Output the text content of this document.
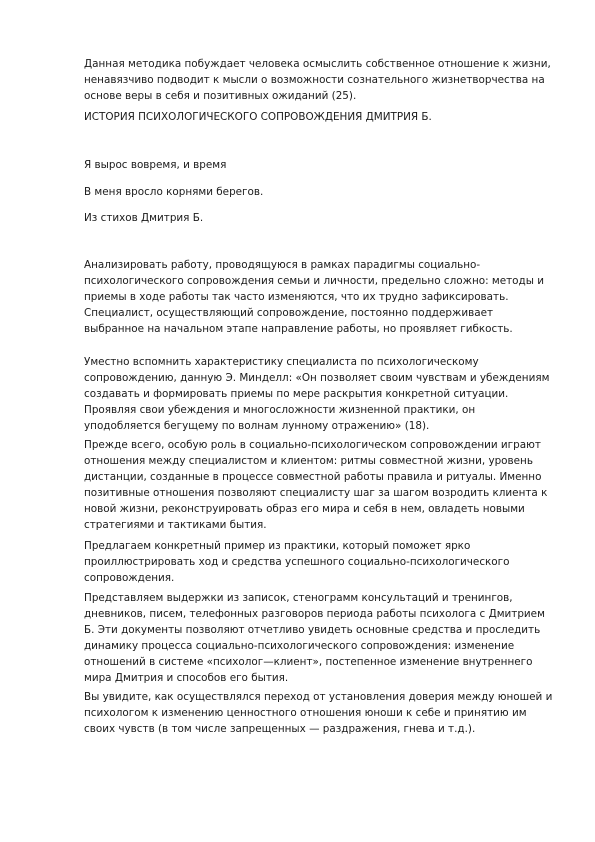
Данная методика побуждает человека осмыслить собственное отношение к жизни, ненавязчиво подводит к мысли о возможности сознательного жизнетворчества на основе веры в себя и позитивных ожиданий (25).

ИСТОРИЯ ПСИХОЛОГИЧЕСКОГО СОПРОВОЖДЕНИЯ ДМИТРИЯ Б.

Я вырос вовремя, и время

В меня вросло корнями берегов.

Из стихов Дмитрия Б.

Анализировать работу, проводящуюся в рамках парадигмы социально-психологического сопровождения семьи и личности, предельно сложно: методы и приемы в ходе работы так часто изменяются, что их трудно зафиксировать. Специалист, осуществляющий сопровождение, постоянно поддерживает выбранное на начальном этапе направление работы, но проявляет гибкость.

Уместно вспомнить характеристику специалиста по психологическому сопровождению, данную Э. Минделл: «Он позволяет своим чувствам и убеждениям создавать и формировать приемы по мере раскрытия конкретной ситуации. Проявляя свои убеждения и многосложности жизненной практики, он уподобляется бегущему по волнам лунному отражению» (18).

Прежде всего, особую роль в социально-психологическом сопровождении играют отношения между специалистом и клиентом: ритмы совместной жизни, уровень дистанции, созданные в процессе совместной работы правила и ритуалы. Именно позитивные отношения позволяют специалисту шаг за шагом возродить клиента к новой жизни, реконструировать образ его мира и себя в нем, овладеть новыми стратегиями и тактиками бытия.

Предлагаем конкретный пример из практики, который поможет ярко проиллюстрировать ход и средства успешного социально-психологического сопровождения.

Представляем выдержки из записок, стенограмм консультаций и тренингов, дневников, писем, телефонных разговоров периода работы психолога с Дмитрием Б. Эти документы позволяют отчетливо увидеть основные средства и проследить динамику процесса социально-психологического сопровождения: изменение отношений в системе «психолог—клиент», постепенное изменение внутреннего мира Дмитрия и способов его бытия.

Вы увидите, как осуществлялся переход от установления доверия между юношей и психологом к изменению ценностного отношения юноши к себе и принятию им своих чувств (в том числе запрещенных — раздражения, гнева и т.д.).
